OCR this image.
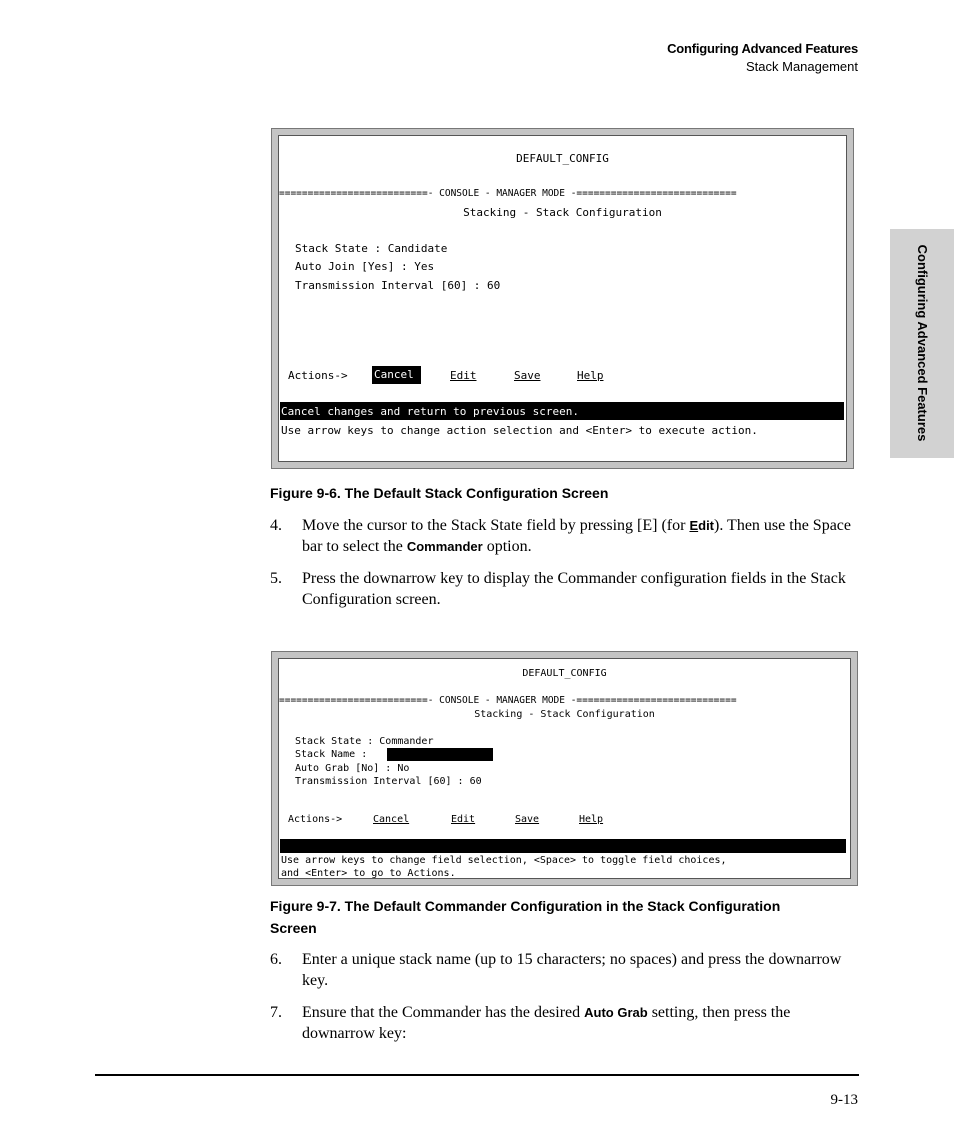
Configuring Advanced Features
Stack Management
Configuring Advanced Features
DEFAULT_CONFIG
==========================- CONSOLE - MANAGER MODE -============================
Stacking - Stack Configuration
Stack State : Candidate
Auto Join [Yes] : Yes
Transmission Interval [60] : 60
Actions-> Cancel	Edit	Save	Help
Cancel changes and return to previous screen.
Use arrow keys to change action selection and <Enter> to execute action.
Figure 9-6. The Default Stack Configuration Screen
4. Move the cursor to the Stack State field by pressing [E] (for Edit). Then use the Space bar to select the Commander option.
5. Press the downarrow key to display the Commander configuration fields in the Stack Configuration screen.
DEFAULT_CONFIG
==========================- CONSOLE - MANAGER MODE -============================
Stacking - Stack Configuration
Stack State : Commander
Stack Name :
Auto Grab [No] : No
Transmission Interval [60] : 60
Actions->	Cancel	Edit	Save	Help
Use arrow keys to change field selection, <Space> to toggle field choices,
and <Enter> to go to Actions.
Figure 9-7. The Default Commander Configuration in the Stack Configuration Screen
6. Enter a unique stack name (up to 15 characters; no spaces) and press the downarrow key.
7. Ensure that the Commander has the desired Auto Grab setting, then press the downarrow key:
9-13
